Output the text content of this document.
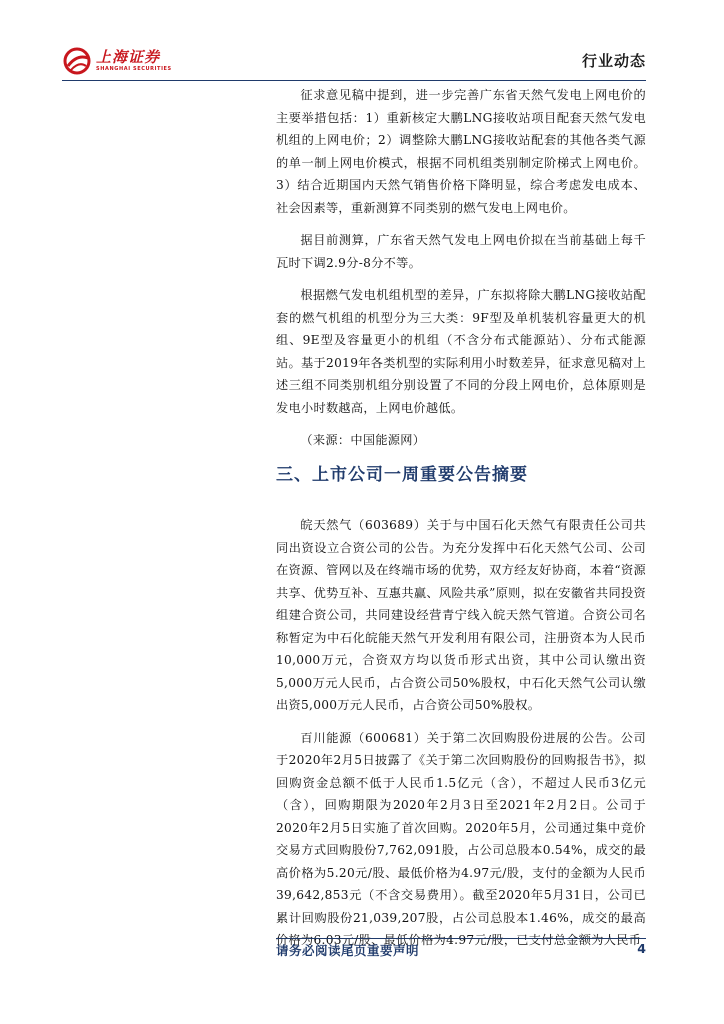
上海证券
SHANGHAI SECURITIES	行业动态

征求意见稿中提到，进一步完善广东省天然气发电上网电价的主要举措包括：1）重新核定大鹏LNG接收站项目配套天然气发电机组的上网电价；2）调整除大鹏LNG接收站配套的其他各类气源的单一制上网电价模式，根据不同机组类别制定阶梯式上网电价。3）结合近期国内天然气销售价格下降明显，综合考虑发电成本、社会因素等，重新测算不同类别的燃气发电上网电价。

据目前测算，广东省天然气发电上网电价拟在当前基础上每千瓦时下调2.9分-8分不等。

根据燃气发电机组机型的差异，广东拟将除大鹏LNG接收站配套的燃气机组的机型分为三大类：9F型及单机装机容量更大的机组、9E型及容量更小的机组（不含分布式能源站）、分布式能源站。基于2019年各类机型的实际利用小时数差异，征求意见稿对上述三组不同类别机组分别设置了不同的分段上网电价，总体原则是发电小时数越高，上网电价越低。

（来源：中国能源网）

三、上市公司一周重要公告摘要

皖天然气（603689）关于与中国石化天然气有限责任公司共同出资设立合资公司的公告。为充分发挥中石化天然气公司、公司在资源、管网以及在终端市场的优势，双方经友好协商，本着“资源共享、优势互补、互惠共赢、风险共承”原则，拟在安徽省共同投资组建合资公司，共同建设经营青宁线入皖天然气管道。合资公司名称暂定为中石化皖能天然气开发利用有限公司，注册资本为人民币10,000万元，合资双方均以货币形式出资，其中公司认缴出资5,000万元人民币，占合资公司50%股权，中石化天然气公司认缴出资5,000万元人民币，占合资公司50%股权。

百川能源（600681）关于第二次回购股份进展的公告。公司于2020年2月5日披露了《关于第二次回购股份的回购报告书》，拟回购资金总额不低于人民币1.5亿元（含），不超过人民币3亿元（含），回购期限为2020年2月3日至2021年2月2日。公司于2020年2月5日实施了首次回购。2020年5月，公司通过集中竞价交易方式回购股份7,762,091股，占公司总股本0.54%，成交的最高价格为5.20元/股、最低价格为4.97元/股，支付的金额为人民币39,642,853元（不含交易费用）。截至2020年5月31日，公司已累计回购股份21,039,207股，占公司总股本1.46%，成交的最高价格为6.03元/股、最低价格为4.97元/股，已支付总金额为人民币

请务必阅读尾页重要声明	4
